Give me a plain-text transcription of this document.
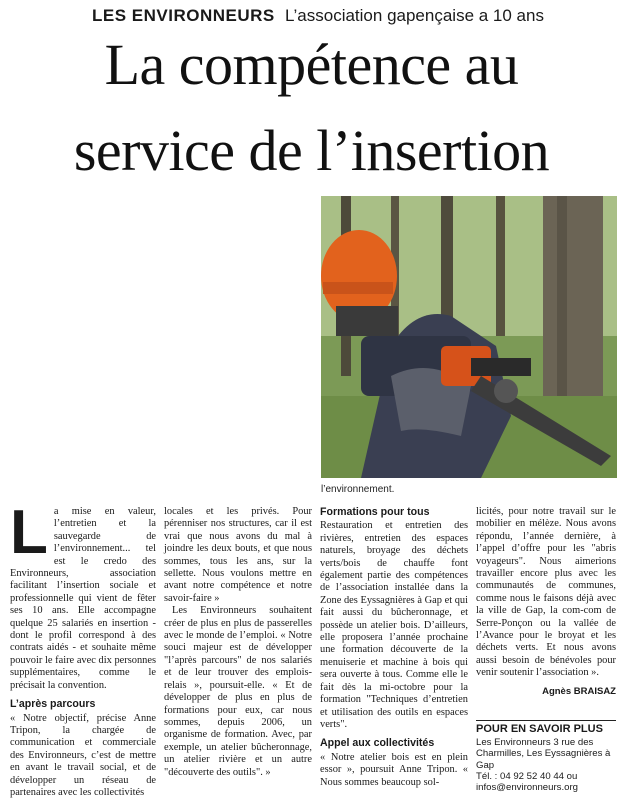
LES ENVIRONNEURS L’association gapençaise a 10 ans
La compétence au
service de l’insertion
l’environnement.

L a mise en valeur, l’entretien et la sauvegarde de l’environnement... tel est le credo des Environneurs, association facilitant l’insertion sociale et professionnelle qui vient de fêter ses 10 ans. Elle accompagne quelque 25 salariés en insertion - dont le profil correspond à des contrats aidés - et souhaite même pouvoir le faire avec dix personnes supplémentaires, comme le précisait la convention.

L’après parcours

« Notre objectif, précise Anne Tripon, la chargée de communication et commerciale des Environneurs, c’est de mettre en avant le travail social, et de développer un réseau de partenaires avec les collectivités

locales et les privés. Pour pérenniser nos structures, car il est vrai que nous avons du mal à joindre les deux bouts, et que nous sommes, tous les ans, sur la sellette. Nous voulons mettre en avant notre compétence et notre savoir-faire »

Les Environneurs souhaitent créer de plus en plus de passerelles avec le monde de l’emploi. « Notre souci majeur est de développer "l’après parcours" de nos salariés et de leur trouver des emplois-relais », poursuit-elle. « Et de développer de plus en plus de formations pour eux, car nous sommes, depuis 2006, un organisme de formation. Avec, par exemple, un atelier bûcheronnage, un atelier rivière et un autre "découverte des outils". »

Formations pour tous

Restauration et entretien des rivières, entretien des espaces naturels, broyage des déchets verts/bois de chauffe font également partie des compétences de l’association installée dans la Zone des Eyssagnières à Gap et qui fait aussi du bûcheronnage, et possède un atelier bois. D’ailleurs, elle proposera l’année prochaine une formation découverte de la menuiserie et machine à bois qui sera ouverte à tous. Comme elle le fait dès la mi-octobre pour la formation "Techniques d’entretien et utilisation des outils en espaces verts".

Appel aux collectivités

« Notre atelier bois est en plein essor », poursuit Anne Tripon. « Nous sommes beaucoup sol-

licités, pour notre travail sur le mobilier en mélèze. Nous avons répondu, l’année dernière, à l’appel d’offre pour les "abris voyageurs". Nous aimerions travailler encore plus avec les communautés de communes, comme nous le faisons déjà avec la ville de Gap, la com-com de Serre-Ponçon ou la vallée de l’Avance pour le broyat et les déchets verts. Et nous avons aussi besoin de bénévoles pour venir soutenir l’association ».

Agnès BRAISAZ
POUR EN SAVOIR PLUS
Les Environneurs 3 rue des
Charmilles, Les Eyssagnières à Gap
Tél. : 04 92 52 40 44 ou
infos@environneurs.org
